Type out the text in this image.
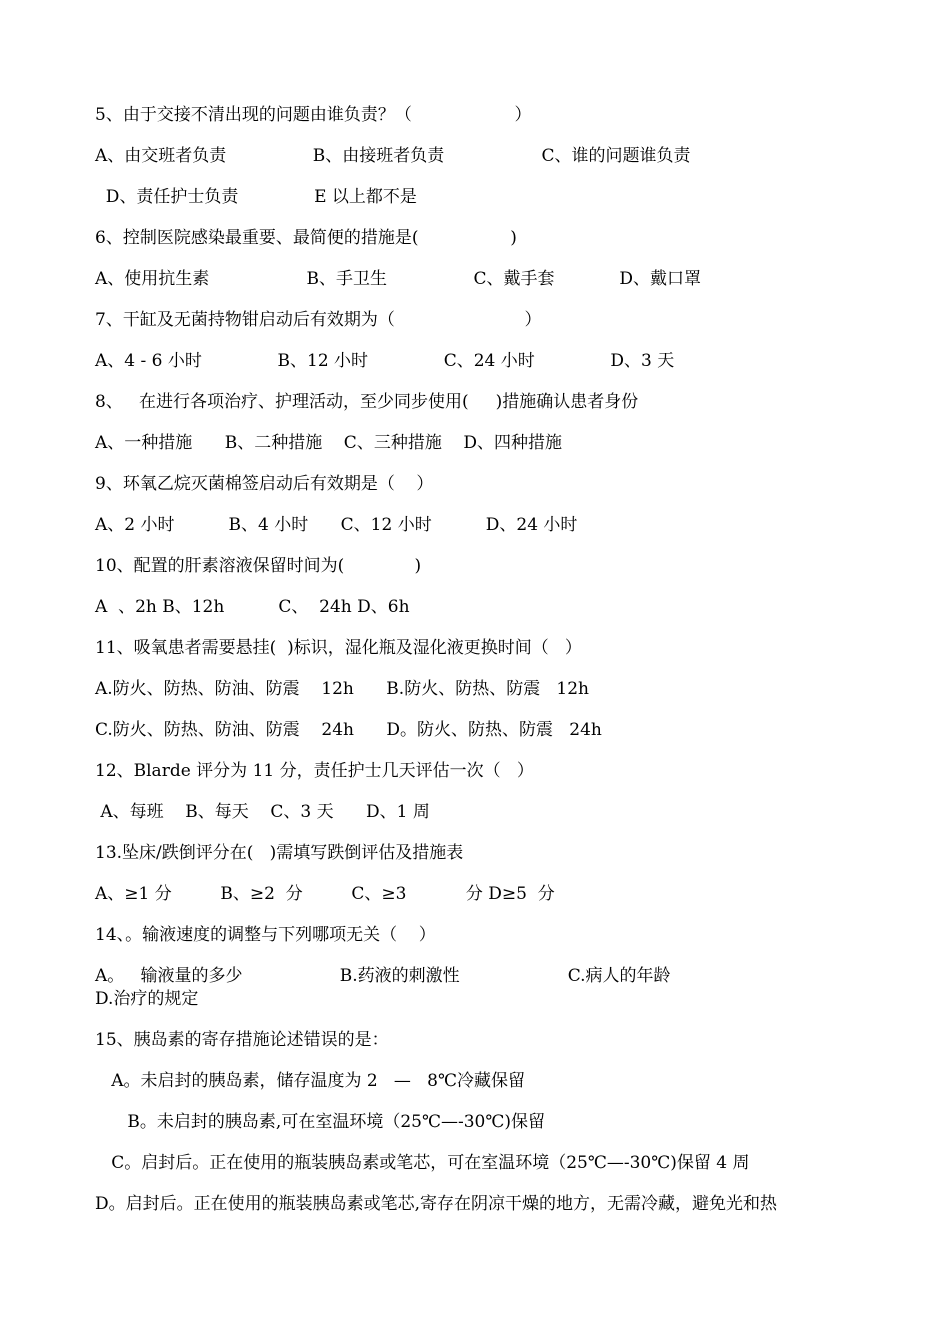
5、由于交接不清出现的问题由谁负责？（                   ）
A、由交班者负责                B、由接班者负责                  C、谁的问题谁负责
D、责任护士负责              E 以上都不是
6、控制医院感染最重要、最简便的措施是(                 )
A、使用抗生素                  B、手卫生                C、戴手套            D、戴口罩
7、干缸及无菌持物钳启动后有效期为（                        ）
A、4 - 6 小时              B、12 小时              C、24 小时              D、3 天
8、   在进行各项治疗、护理活动，至少同步使用(     )措施确认患者身份
A、一种措施      B、二种措施    C、三种措施    D、四种措施
9、环氧乙烷灭菌棉签启动后有效期是（    ）
A、2 小时          B、4 小时      C、12 小时          D、24 小时
10、配置的肝素溶液保留时间为(             )
A  、2h B、12h          C、  24h D、6h
11、吸氧患者需要悬挂(  )标识，湿化瓶及湿化液更换时间（   ）
A.防火、防热、防油、防震    12h      B.防火、防热、防震   12h
C.防火、防热、防油、防震    24h      D。防火、防热、防震   24h
12、Blarde 评分为 11 分，责任护士几天评估一次（   ）
A、每班    B、每天    C、3 天      D、1 周
13.坠床/跌倒评分在(   )需填写跌倒评估及措施表
A、≥1 分         B、≥2  分         C、≥3           分 D≥5  分
14、。输液速度的调整与下列哪项无关（    ）
A。   输液量的多少                  B.药液的刺激性                    C.病人的年龄
D.治疗的规定
15、胰岛素的寄存措施论述错误的是：
A。未启封的胰岛素，储存温度为 2   —   8℃冷藏保留
B。未启封的胰岛素,可在室温环境（25℃—-30℃)保留
C。启封后。正在使用的瓶装胰岛素或笔芯，可在室温环境（25℃—-30℃)保留 4 周
D。启封后。正在使用的瓶装胰岛素或笔芯,寄存在阴凉干燥的地方，无需冷藏，避免光和热
